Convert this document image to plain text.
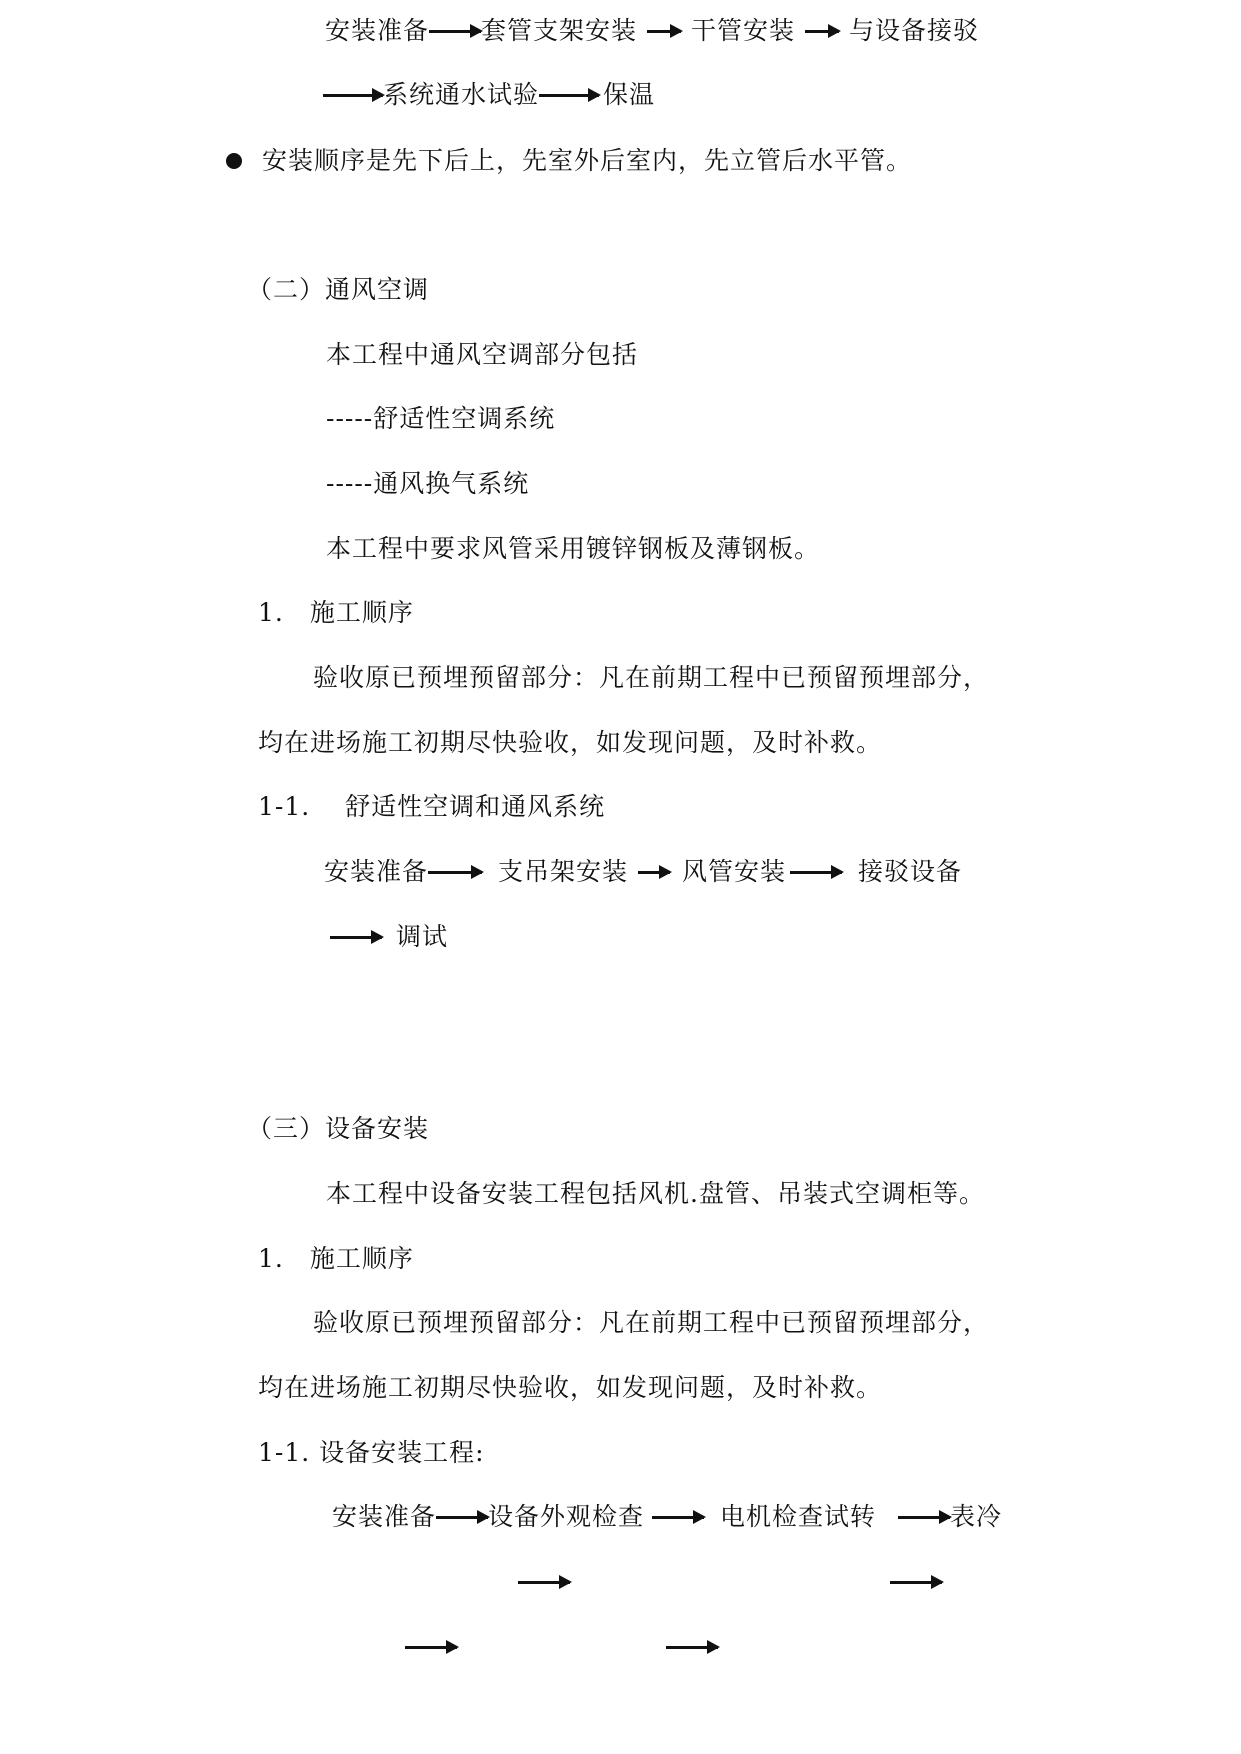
安装准备 套管支架安装 干管安装 与设备接驳
系统通水试验	保温
安装顺序是先下后上，先室外后室内，先立管后水平管。
（二）通风空调
本工程中通风空调部分包括
-----舒适性空调系统
-----通风换气系统
本工程中要求风管采用镀锌钢板及薄钢板。
1.　施工顺序
验收原已预埋预留部分：凡在前期工程中已预留预埋部分，
均在进场施工初期尽快验收，如发现问题，及时补救。
1-1.　 舒适性空调和通风系统
安装准备	支吊架安装 风管安装	接驳设备
调试
（三）设备安装
本工程中设备安装工程包括风机.盘管、吊装式空调柜等。
1.　施工顺序
验收原已预埋预留部分：凡在前期工程中已预留预埋部分，
均在进场施工初期尽快验收，如发现问题，及时补救。
1-1. 设备安装工程:
安装准备 设备外观检查	电机检查试转	表冷
